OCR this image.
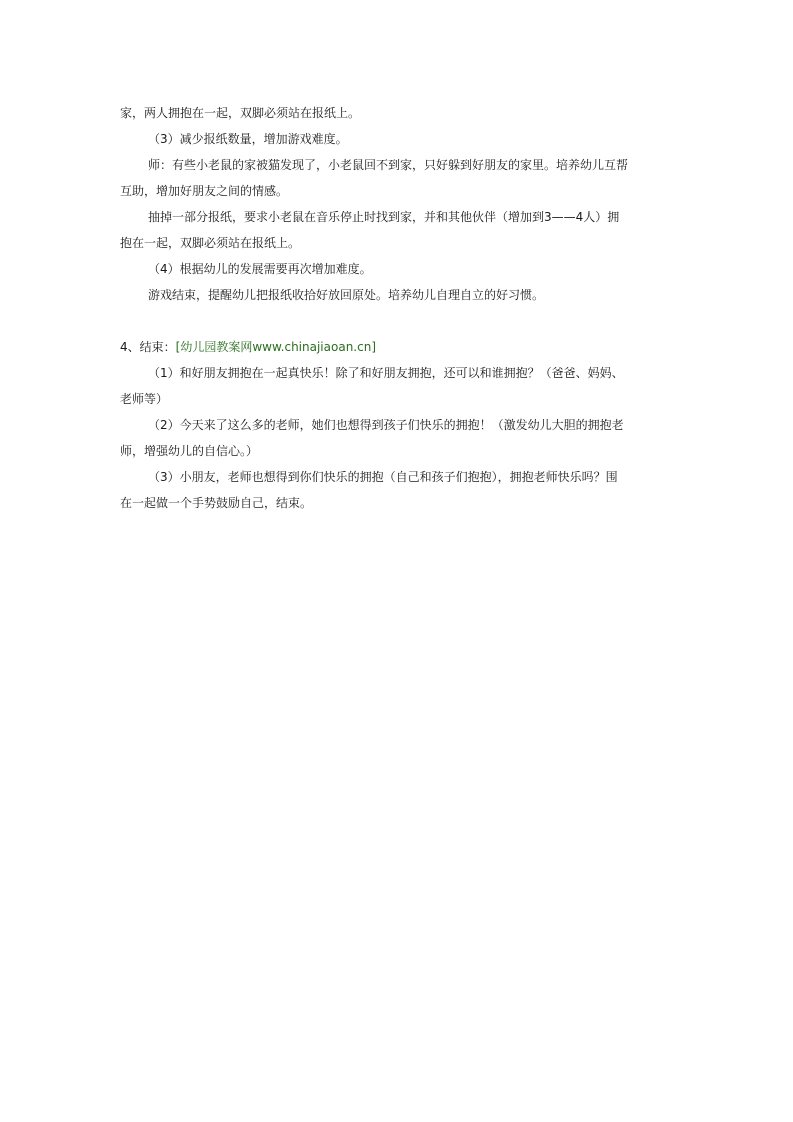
家，两人拥抱在一起，双脚必须站在报纸上。
（3）减少报纸数量，增加游戏难度。
师：有些小老鼠的家被猫发现了，小老鼠回不到家，只好躲到好朋友的家里。培养幼儿互帮
互助，增加好朋友之间的情感。
抽掉一部分报纸，要求小老鼠在音乐停止时找到家，并和其他伙伴（增加到3——4人）拥
抱在一起，双脚必须站在报纸上。
（4）根据幼儿的发展需要再次增加难度。
游戏结束，提醒幼儿把报纸收拾好放回原处。培养幼儿自理自立的好习惯。
4、结束：[幼儿园教案网www.chinajiaoan.cn]
（1）和好朋友拥抱在一起真快乐！除了和好朋友拥抱，还可以和谁拥抱？（爸爸、妈妈、
老师等）
（2）今天来了这么多的老师，她们也想得到孩子们快乐的拥抱！（激发幼儿大胆的拥抱老
师，增强幼儿的自信心。）
（3）小朋友，老师也想得到你们快乐的拥抱（自己和孩子们抱抱），拥抱老师快乐吗？围
在一起做一个手势鼓励自己，结束。
